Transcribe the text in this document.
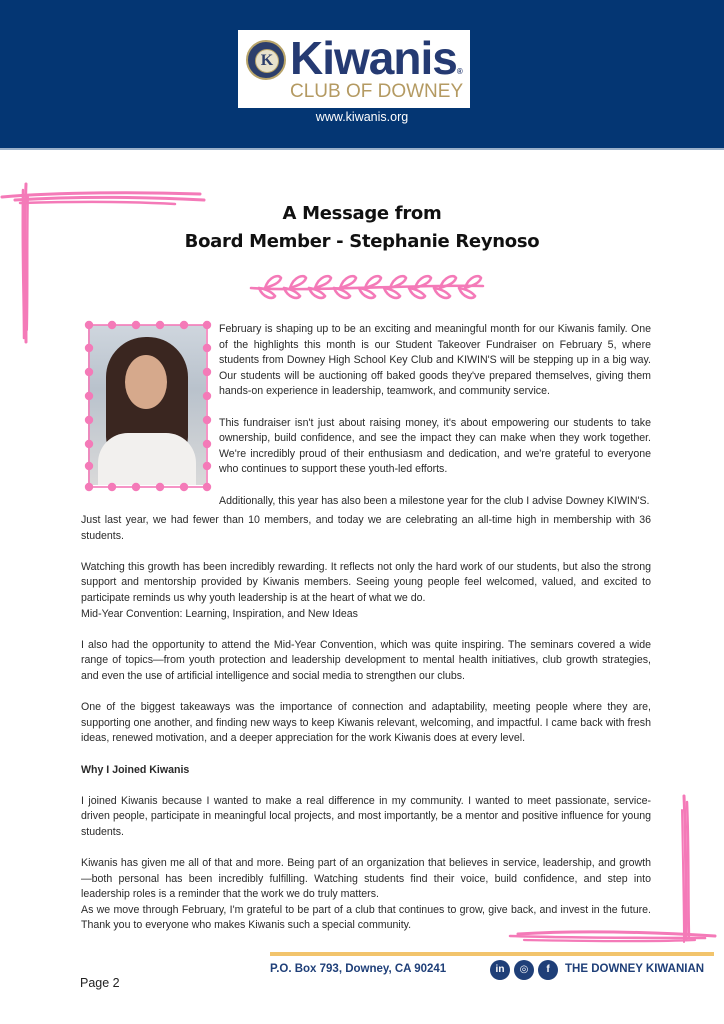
K Kiwanis®
CLUB OF DOWNEY
www.kiwanis.org
A Message from
Board Member - Stephanie Reynoso

February is shaping up to be an exciting and meaningful month for our Kiwanis family. One of the highlights this month is our Student Takeover Fundraiser on February 5, where students from Downey High School Key Club and KIWIN'S will be stepping up in a big way. Our students will be auctioning off baked goods they've prepared themselves, giving them hands-on experience in leadership, teamwork, and community service.

This fundraiser isn't just about raising money, it's about empowering our students to take ownership, build confidence, and see the impact they can make when they work together. We're incredibly proud of their enthusiasm and dedication, and we're grateful to everyone who continues to support these youth-led efforts.

Additionally, this year has also been a milestone year for the club I advise Downey KIWIN'S.

Just last year, we had fewer than 10 members, and today we are celebrating an all-time high in membership with 36 students.

Watching this growth has been incredibly rewarding. It reflects not only the hard work of our students, but also the strong support and mentorship provided by Kiwanis members. Seeing young people feel welcomed, valued, and excited to participate reminds us why youth leadership is at the heart of what we do.

Mid-Year Convention: Learning, Inspiration, and New Ideas

I also had the opportunity to attend the Mid-Year Convention, which was quite inspiring. The seminars covered a wide range of topics—from youth protection and leadership development to mental health initiatives, club growth strategies, and even the use of artificial intelligence and social media to strengthen our clubs.

One of the biggest takeaways was the importance of connection and adaptability, meeting people where they are, supporting one another, and finding new ways to keep Kiwanis relevant, welcoming, and impactful. I came back with fresh ideas, renewed motivation, and a deeper appreciation for the work Kiwanis does at every level.

Why I Joined Kiwanis

I joined Kiwanis because I wanted to make a real difference in my community. I wanted to meet passionate, service-driven people, participate in meaningful local projects, and most importantly, be a mentor and positive influence for young students.

Kiwanis has given me all of that and more. Being part of an organization that believes in service, leadership, and growth—both personal has been incredibly fulfilling. Watching students find their voice, build confidence, and step into leadership roles is a reminder that the work we do truly matters.

As we move through February, I'm grateful to be part of a club that continues to grow, give back, and invest in the future. Thank you to everyone who makes Kiwanis such a special community.

P.O. Box 793, Downey, CA 90241	in	◎	f	THE DOWNEY KIWANIAN
Page 2
